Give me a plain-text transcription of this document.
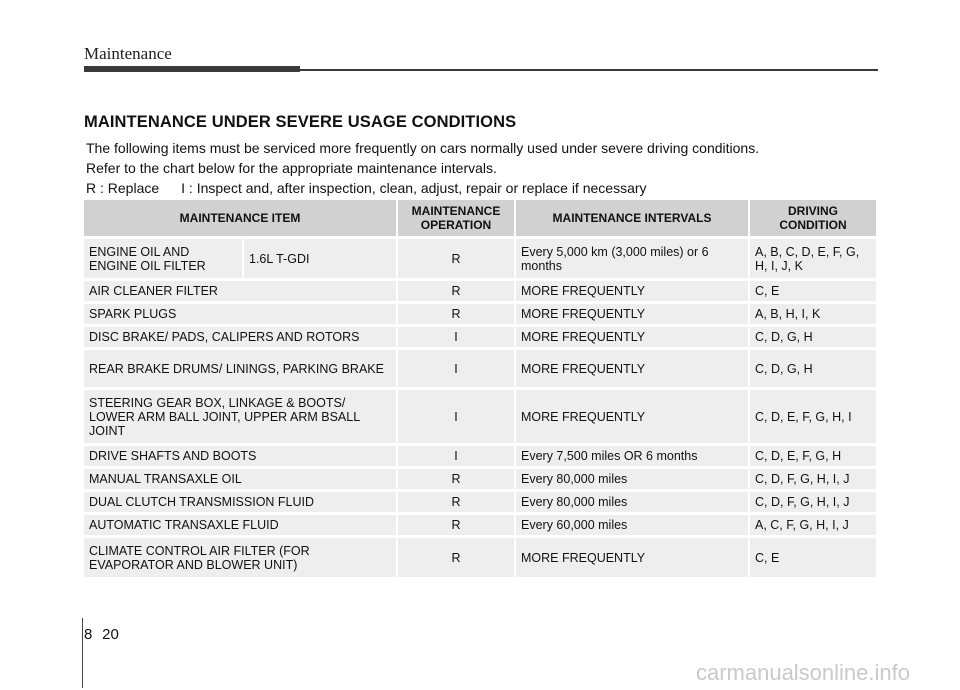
Maintenance
MAINTENANCE UNDER SEVERE USAGE CONDITIONS

The following items must be serviced more frequently on cars normally used under severe driving conditions.

Refer to the chart below for the appropriate maintenance intervals.

R : Replace I : Inspect and, after inspection, clean, adjust, repair or replace if necessary

MAINTENANCE ITEM		MAINTENANCE OPERATION	MAINTENANCE INTERVALS	DRIVING CONDITION
ENGINE OIL AND ENGINE OIL FILTER	1.6L T-GDI	R	Every 5,000 km (3,000 miles) or 6 months	A, B, C, D, E, F, G, H, I, J, K
AIR CLEANER FILTER		R	MORE FREQUENTLY	C, E
SPARK PLUGS		R	MORE FREQUENTLY	A, B, H, I, K
DISC BRAKE/ PADS, CALIPERS AND ROTORS		I	MORE FREQUENTLY	C, D, G, H
REAR BRAKE DRUMS/ LININGS, PARKING BRAKE		I	MORE FREQUENTLY	C, D, G, H
STEERING GEAR BOX, LINKAGE & BOOTS/ LOWER ARM BALL JOINT, UPPER ARM BSALL JOINT		I	MORE FREQUENTLY	C, D, E, F, G, H, I
DRIVE SHAFTS AND BOOTS		I	Every 7,500 miles OR 6 months	C, D, E, F, G, H
MANUAL TRANSAXLE OIL		R	Every 80,000 miles	C, D, F, G, H, I, J
DUAL CLUTCH TRANSMISSION FLUID		R	Every 80,000 miles	C, D, F, G, H, I, J
AUTOMATIC TRANSAXLE FLUID		R	Every 60,000 miles	A, C, F, G, H, I, J
CLIMATE CONTROL AIR FILTER (FOR EVAPORATOR AND BLOWER UNIT)		R	MORE FREQUENTLY	C, E
8 20
carmanualsonline.info
